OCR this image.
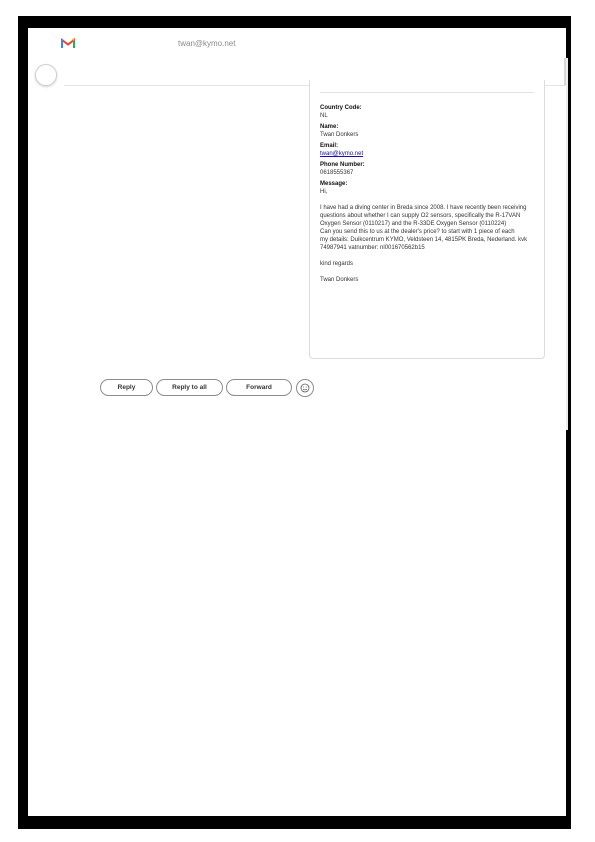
twan@kymo.net
Country Code:
NL
Name:
Twan Donkers
Email:
twan@kymo.net
Phone Number:
0618555367
Message:
Hi,

I have had a diving center in Breda since 2008. I have recently been receiving questions about whether I can supply O2 sensors, specifically the R-17VAN Oxygen Sensor (0110217) and the R-33DE Oxygen Sensor (0110224)
Can you send this to us at the dealer's price? to start with 1 piece of each
my details: Duikcentrum KYMO, Veldsteen 14, 4815PK Breda, Nederland. kvk 74987941 vatnumber: nl001670562b15

kind regards

Twan Donkers

Reply	Reply to all	Forward
